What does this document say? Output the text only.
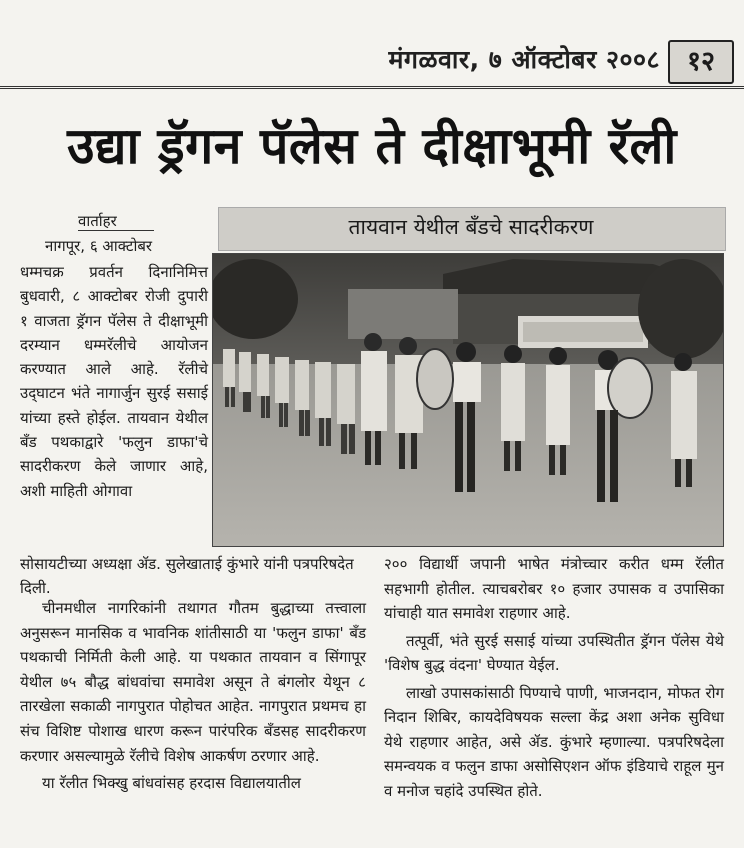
मंगळवार, ७ ऑक्टोबर २००८ १२
उद्या ड्रॅगन पॅलेस ते दीक्षाभूमी रॅली
वार्ताहर
नागपूर, ६ आक्टोबर
धम्मचक्र प्रवर्तन दिनानिमित्त बुधवारी, ८ आक्टोबर रोजी दुपारी १ वाजता ड्रॅगन पॅलेस ते दीक्षाभूमी दरम्यान धम्मरॅलीचे आयोजन करण्यात आले आहे. रॅलीचे उद्‌घाटन भंते नागार्जुन सुरई ससाई यांच्या हस्ते होईल. तायवान येथील बॅंड पथकाद्वारे 'फलुन डाफा'चे सादरीकरण केले जाणार आहे, अशी माहिती ओगावा
तायवान येथील बॅंडचे सादरीकरण
सोसायटीच्या अध्यक्षा ॲड. सुलेखाताई कुंभारे यांनी पत्रपरिषदेत दिली.

चीनमधील नागरिकांनी तथागत गौतम बुद्धाच्या तत्त्वाला अनुसरून मानसिक व भावनिक शांतीसाठी या 'फलुन डाफा' बॅंड पथकाची निर्मिती केली आहे. या पथकात तायवान व सिंगापूर येथील ७५ बौद्ध बांधवांचा समावेश असून ते बंगलोर येथून ८ तारखेला सकाळी नागपुरात पोहोचत आहेत. नागपुरात प्रथमच हा संच विशिष्ट पोशाख धारण करून पारंपरिक बॅंडसह सादरीकरण करणार असल्यामुळे रॅलीचे विशेष आकर्षण ठरणार आहे.

या रॅलीत भिक्खु बांधवांसह हरदास विद्यालयातील

२०० विद्यार्थी जपानी भाषेत मंत्रोच्चार करीत धम्म रॅलीत सहभागी होतील. त्याचबरोबर १० हजार उपासक व उपासिका यांचाही यात समावेश राहणार आहे.

तत्पूर्वी, भंते सुरई ससाई यांच्या उपस्थितीत ड्रॅगन पॅलेस येथे 'विशेष बुद्ध वंदना' घेण्यात येईल.

लाखो उपासकांसाठी पिण्याचे पाणी, भाजनदान, मोफत रोग निदान शिबिर, कायदेविषयक सल्ला केंद्र अशा अनेक सुविधा येथे राहणार आहेत, असे ॲड. कुंभारे म्हणाल्या. पत्रपरिषदेला समन्वयक व फलुन डाफा असोसिएशन ऑफ इंडियाचे राहूल मुन व मनोज चहांदे उपस्थित होते.
